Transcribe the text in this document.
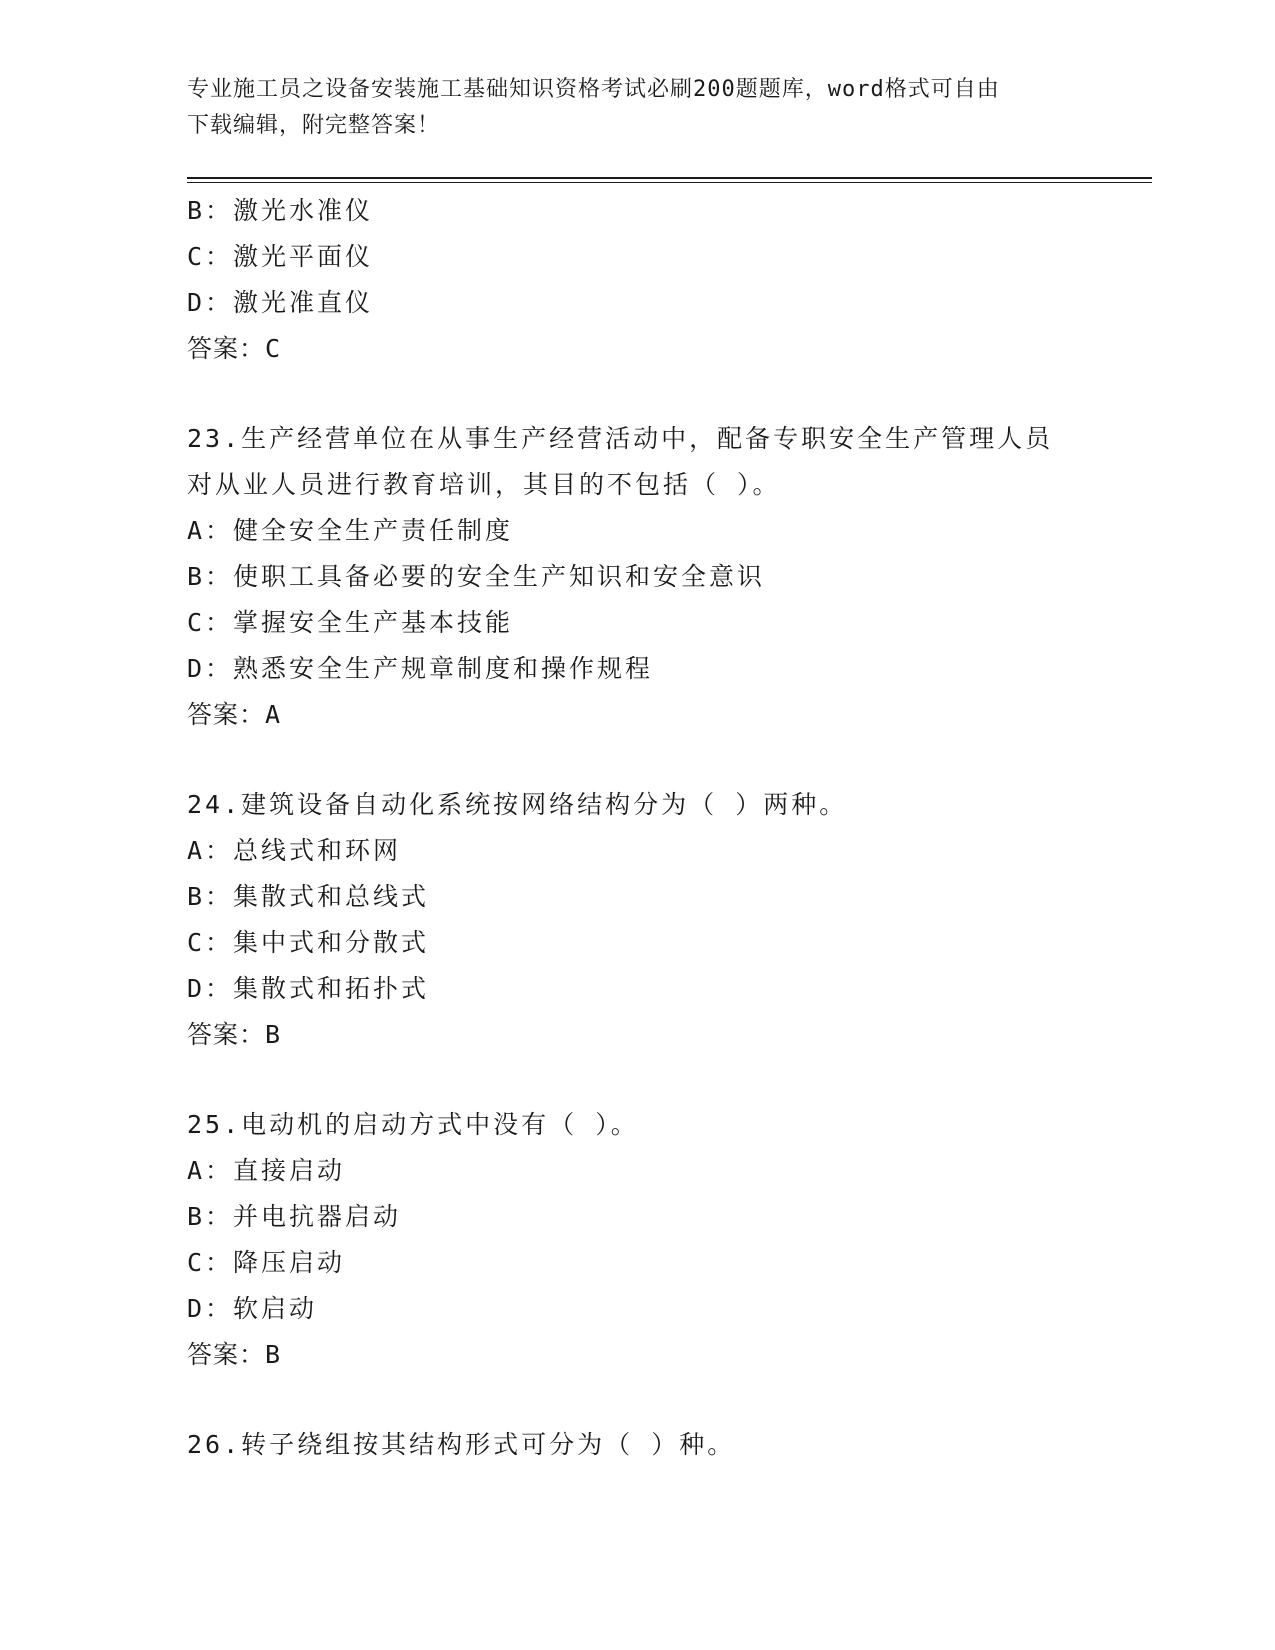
专业施工员之设备安装施工基础知识资格考试必刷200题题库，word格式可自由
下载编辑，附完整答案！
B：激光水准仪
C：激光平面仪
D：激光准直仪
答案：C
23.生产经营单位在从事生产经营活动中，配备专职安全生产管理人员
对从业人员进行教育培训，其目的不包括（ ）。
A：健全安全生产责任制度
B：使职工具备必要的安全生产知识和安全意识
C：掌握安全生产基本技能
D：熟悉安全生产规章制度和操作规程
答案：A
24.建筑设备自动化系统按网络结构分为（ ）两种。
A：总线式和环网
B：集散式和总线式
C：集中式和分散式
D：集散式和拓扑式
答案：B
25.电动机的启动方式中没有（ ）。
A：直接启动
B：并电抗器启动
C：降压启动
D：软启动
答案：B
26.转子绕组按其结构形式可分为（ ）种。
